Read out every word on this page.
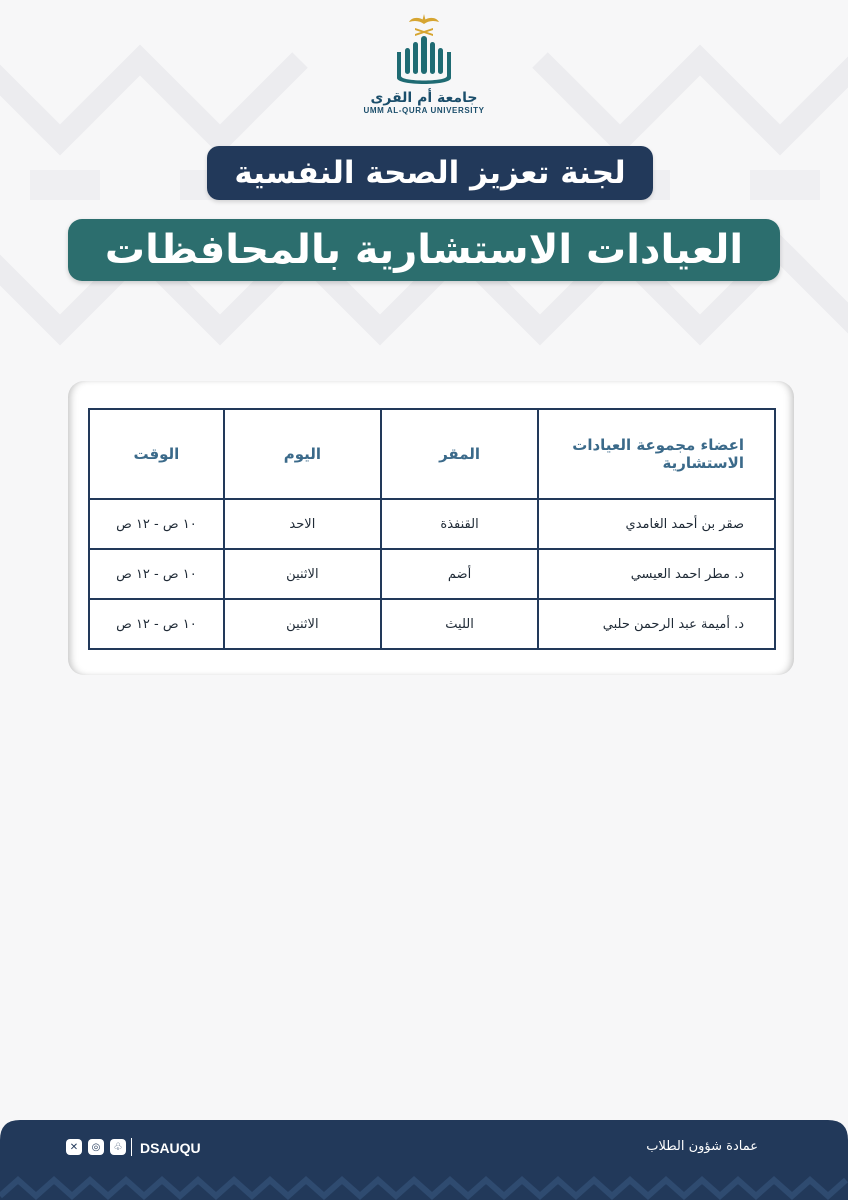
جامعة أم القرى
UMM AL-QURA UNIVERSITY
لجنة تعزيز الصحة النفسية
العيادات الاستشارية بالمحافظات
اعضاء مجموعة العيادات الاستشارية	المقر	اليوم	الوقت
صقر بن أحمد الغامدي	القنفذة	الاحد	١٠ ص - ١٢ ص
د. مطر احمد العيسي	أضم	الاثنين	١٠ ص - ١٢ ص
د. أميمة عبد الرحمن حلبي	الليث	الاثنين	١٠ ص - ١٢ ص
✕	◎	♧ DSAUQU	عمادة شؤون الطلاب
